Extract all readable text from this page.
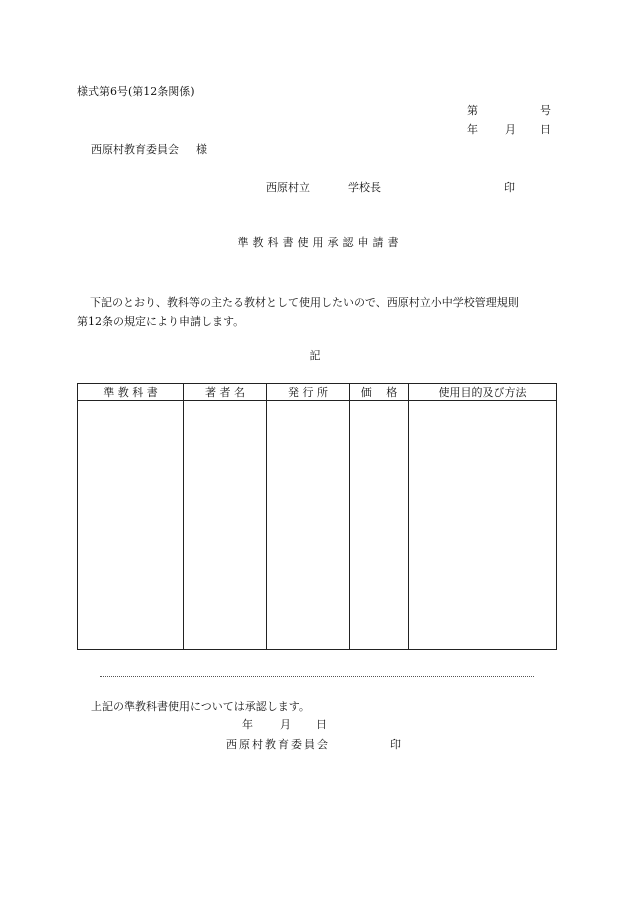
様式第6号(第12条関係)
第	号
年 月 日
西原村教育委員会 様
西原村立	学校長	印
準教科書使用承認申請書
下記のとおり、教科等の主たる教材として使用したいので、西原村立小中学校管理規則
第12条の規定により申請します。
記
準 教 科 書	著 者 名	発 行 所	価　 格	使用目的及び方法

上記の準教科書使用については承認します。
年 月 日
西原村教育委員会	印
